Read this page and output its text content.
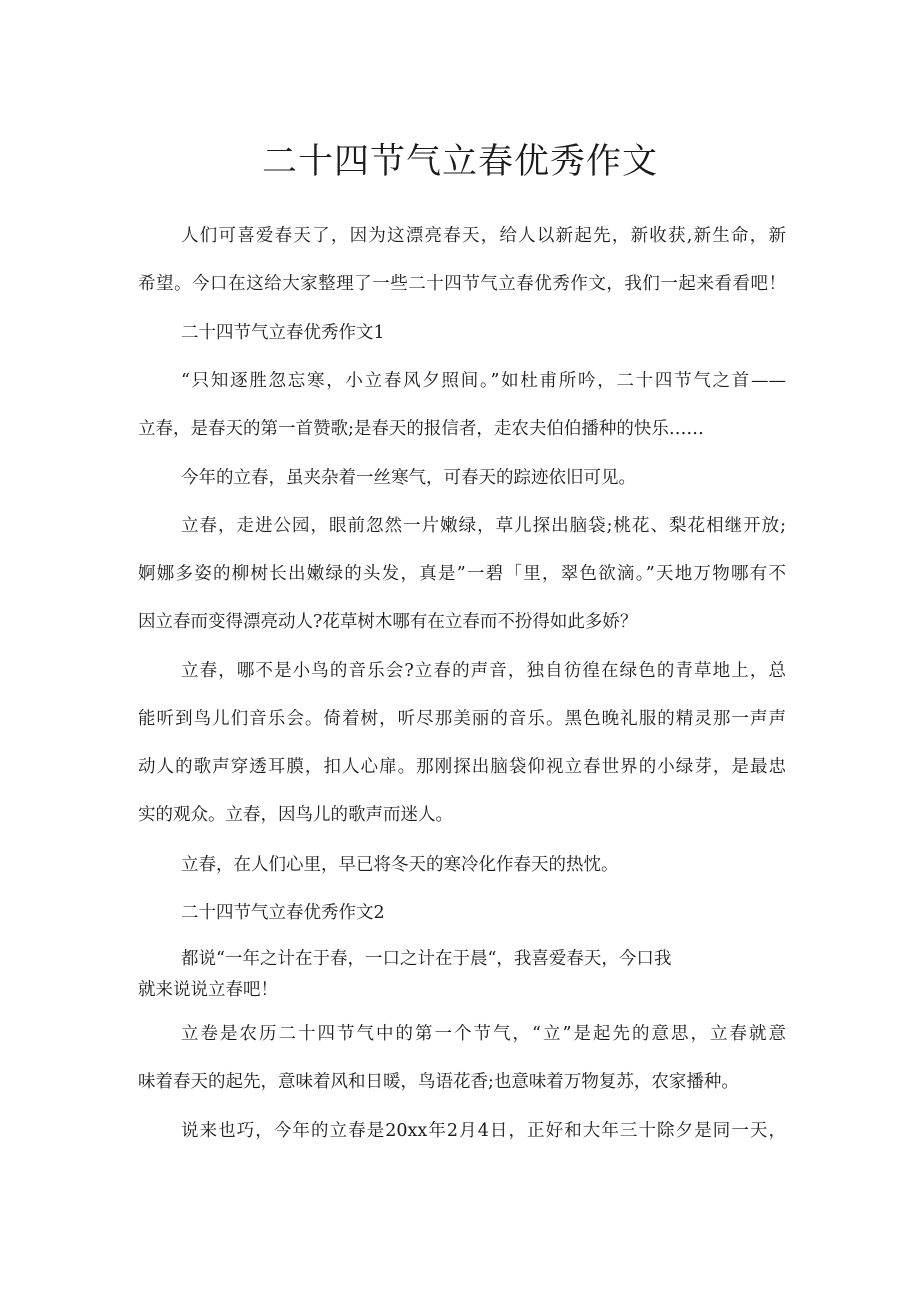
二十四节气立春优秀作文
人们可喜爱春天了，因为这漂亮春天，给人以新起先，新收获,新生命，新
希望。今口在这给大家整理了一些二十四节气立春优秀作文，我们一起来看看吧！
二十四节气立春优秀作文1
“只知逐胜忽忘寒，小立春风夕照间。”如杜甫所吟，二十四节气之首——
立春，是春天的第一首赞歌;是春天的报信者，走农夫伯伯播种的快乐……
今年的立春，虽夹杂着一丝寒气，可春天的踪迹依旧可见。
立春，走进公园，眼前忽然一片嫩绿，草儿探出脑袋;桃花、梨花相继开放;
婀娜多姿的柳树长出嫩绿的头发，真是”一碧「里，翠色欲滴。”天地万物哪有不
因立春而变得漂亮动人?花草树木哪有在立春而不扮得如此多娇？
立春，哪不是小鸟的音乐会?立春的声音，独自彷徨在绿色的青草地上，总
能听到鸟儿们音乐会。倚着树，听尽那美丽的音乐。黑色晚礼服的精灵那一声声
动人的歌声穿透耳膜，扣人心扉。那刚探出脑袋仰视立春世界的小绿芽，是最忠
实的观众。立春，因鸟儿的歌声而迷人。
立春，在人们心里，早已将冬天的寒冷化作春天的热忱。
二十四节气立春优秀作文2
都说“一年之计在于春，一口之计在于晨“，我喜爱春天，今口我
就来说说立春吧！
立卷是农历二十四节气中的第一个节气，“立”是起先的意思，立春就意
味着春天的起先，意味着风和日暖，鸟语花香;也意味着万物复苏，农家播种。
说来也巧，今年的立春是20xx年2月4日，正好和大年三十除夕是同一天，
